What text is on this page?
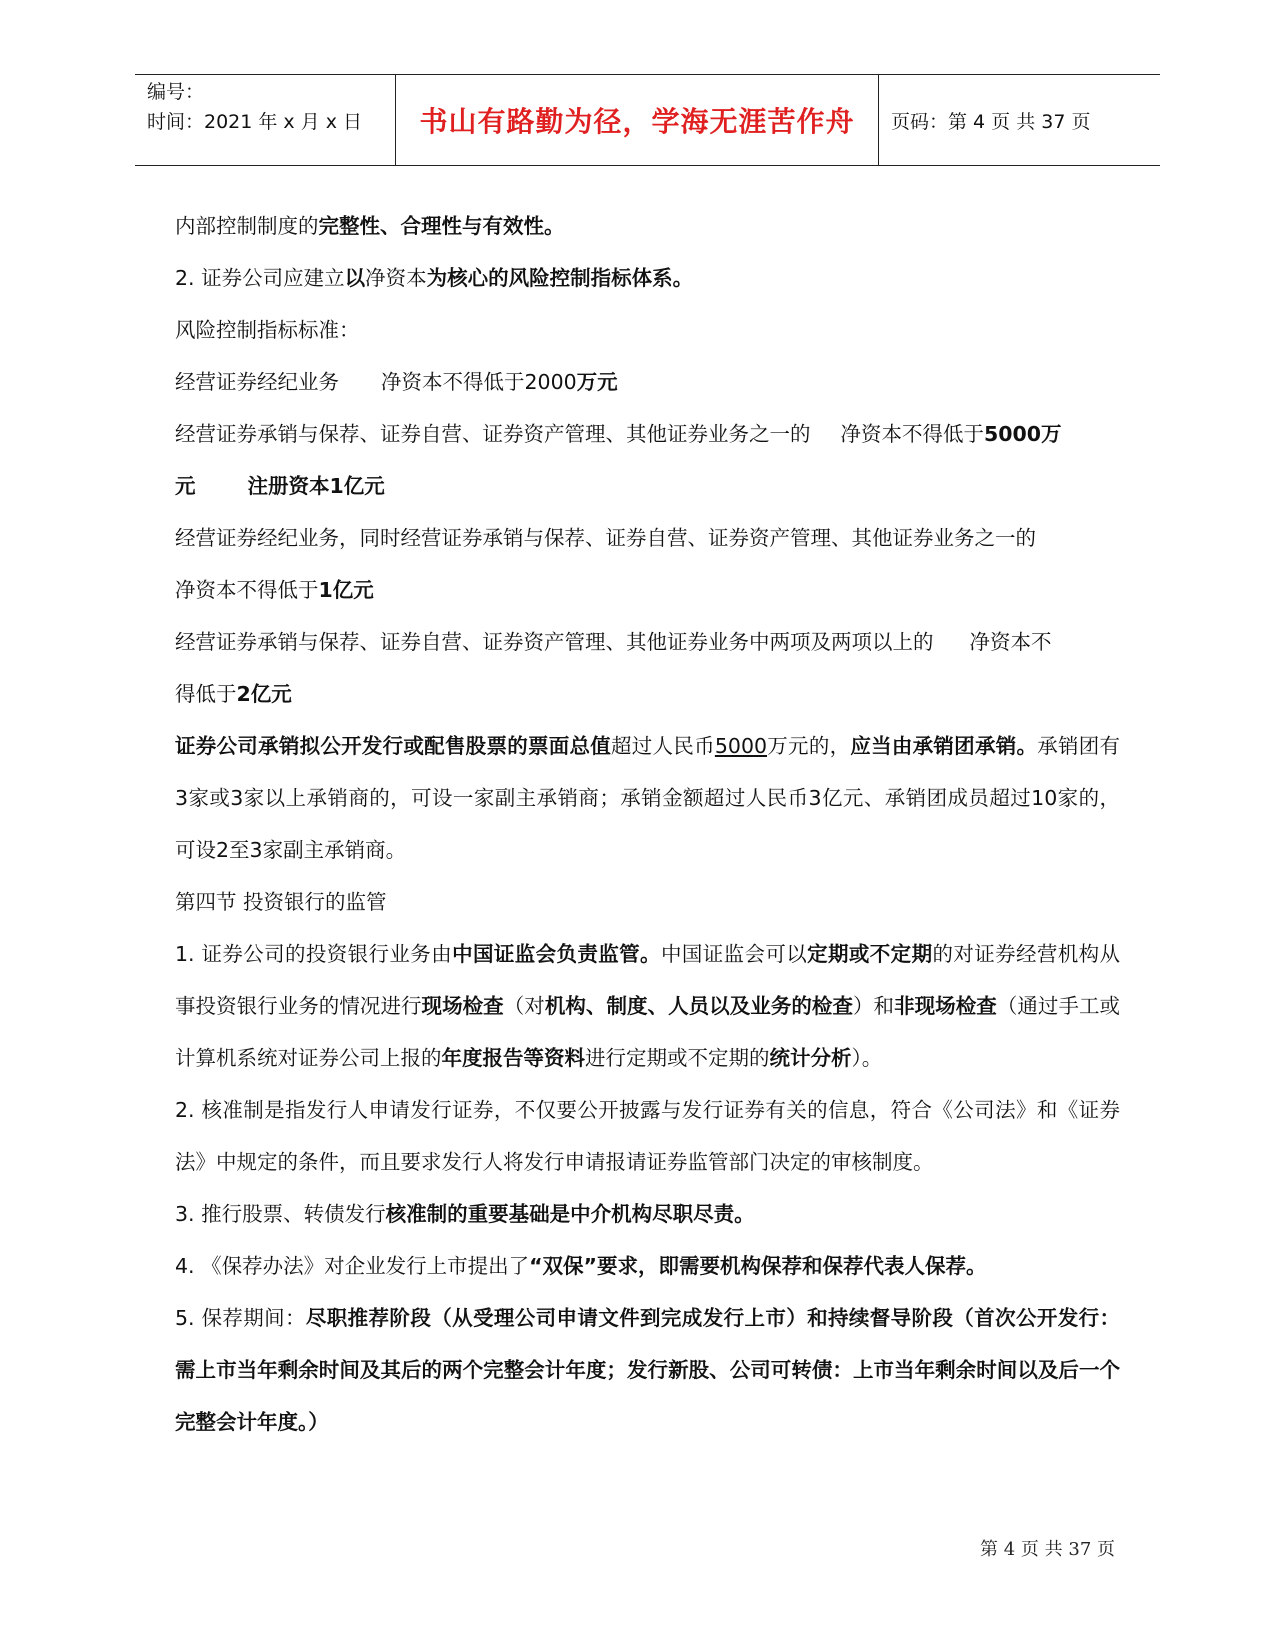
编号：
时间：2021 年 x 月 x 日	书山有路勤为径，学海无涯苦作舟	页码：第 4 页 共 37 页

内部控制制度的完整性、合理性与有效性。

2. 证券公司应建立以净资本为核心的风险控制指标体系。

风险控制指标标准：

经营证券经纪业务 净资本不得低于2000万元

经营证券承销与保荐、证券自营、证券资产管理、其他证券业务之一的 净资本不得低于5000万

元	注册资本1亿元

经营证券经纪业务，同时经营证券承销与保荐、证券自营、证券资产管理、其他证券业务之一的

净资本不得低于1亿元

经营证券承销与保荐、证券自营、证券资产管理、其他证券业务中两项及两项以上的 净资本不

得低于2亿元

证券公司承销拟公开发行或配售股票的票面总值超过人民币5000万元的，应当由承销团承销。承销团有3家或3家以上承销商的，可设一家副主承销商；承销金额超过人民币3亿元、承销团成员超过10家的，可设2至3家副主承销商。

第四节 投资银行的监管

1. 证券公司的投资银行业务由中国证监会负责监管。中国证监会可以定期或不定期的对证券经营机构从事投资银行业务的情况进行现场检查（对机构、制度、人员以及业务的检查）和非现场检查（通过手工或计算机系统对证券公司上报的年度报告等资料进行定期或不定期的统计分析）。

2. 核准制是指发行人申请发行证券，不仅要公开披露与发行证券有关的信息，符合《公司法》和《证券法》中规定的条件，而且要求发行人将发行申请报请证券监管部门决定的审核制度。

3. 推行股票、转债发行核准制的重要基础是中介机构尽职尽责。

4. 《保荐办法》对企业发行上市提出了“双保”要求，即需要机构保荐和保荐代表人保荐。

5. 保荐期间：尽职推荐阶段（从受理公司申请文件到完成发行上市）和持续督导阶段（首次公开发行：需上市当年剩余时间及其后的两个完整会计年度；发行新股、公司可转债：上市当年剩余时间以及后一个完整会计年度。）

第 4 页 共 37 页
